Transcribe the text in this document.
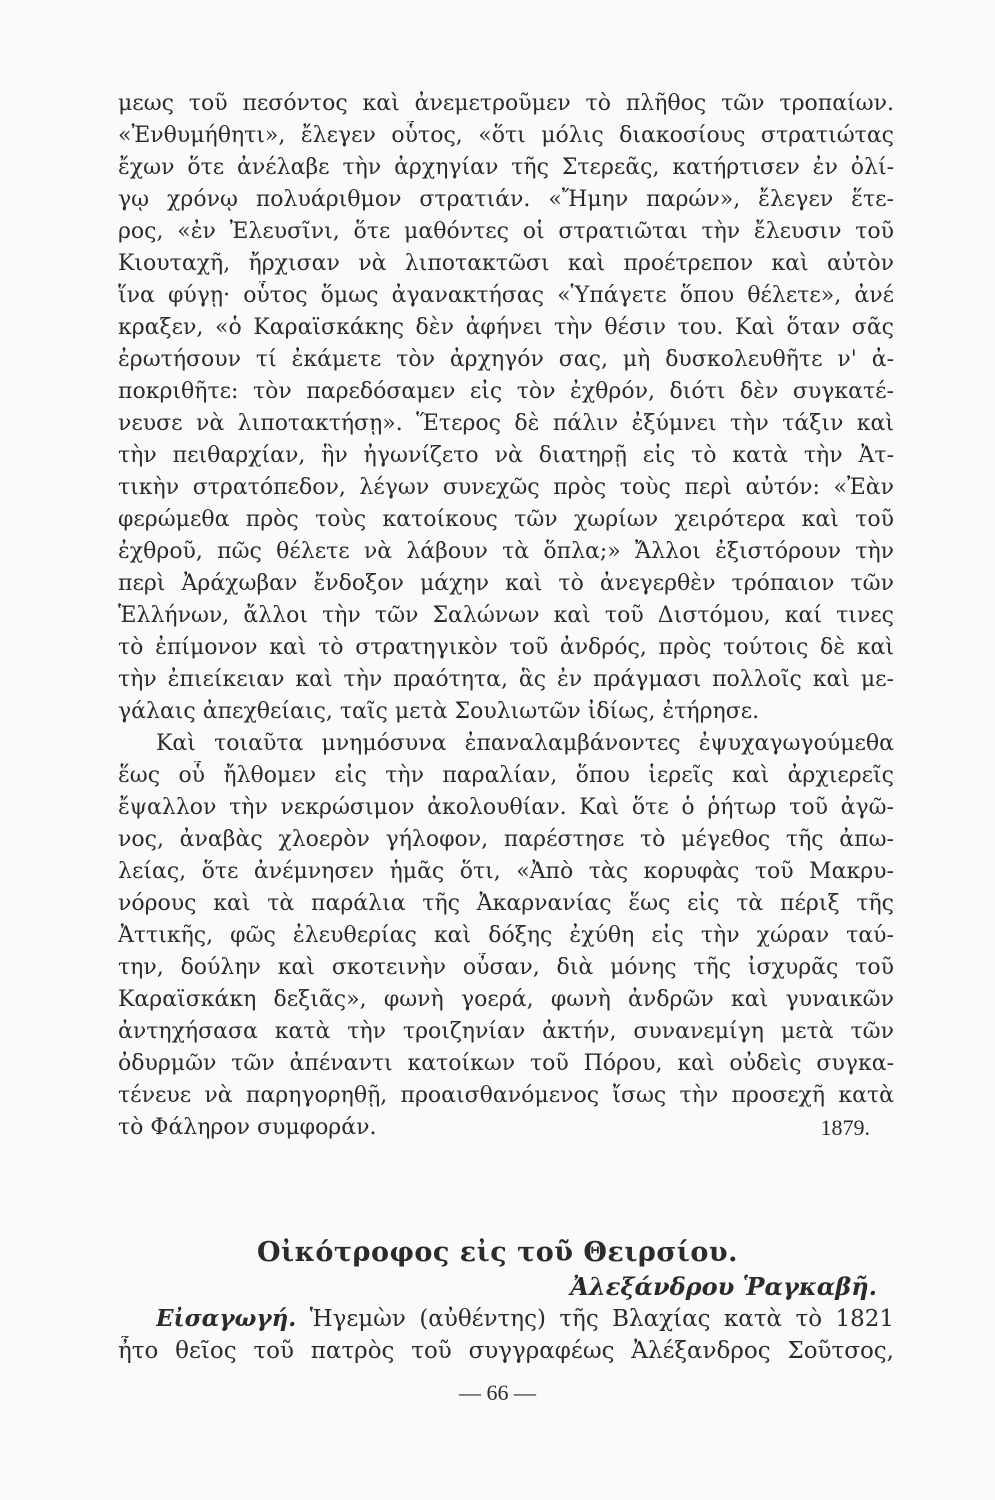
μεως τοῦ πεσόντος καὶ ἀνεμετροῦμεν τὸ πλῆθος τῶν τροπαίων.
«Ἐνθυμήθητι», ἔλεγεν οὗτος, «ὅτι μόλις διακοσίους στρατιώτας
ἔχων ὅτε ἀνέλαβε τὴν ἀρχηγίαν τῆς Στερεᾶς, κατήρτισεν ἐν ὀλί-
γῳ χρόνῳ πολυάριθμον στρατιάν. «Ἤμην παρών», ἔλεγεν ἕτε-
ρος, «ἐν Ἐλευσῖνι, ὅτε μαθόντες οἱ στρατιῶται τὴν ἔλευσιν τοῦ
Κιουταχῆ, ἤρχισαν νὰ λιποτακτῶσι καὶ προέτρεπον καὶ αὐτὸν
ἵνα φύγῃ· οὗτος ὅμως ἀγανακτήσας «Ὑπάγετε ὅπου θέλετε», ἀνέ
κραξεν, «ὁ Καραϊσκάκης δὲν ἀφήνει τὴν θέσιν του. Καὶ ὅταν σᾶς
ἐρωτήσουν τί ἐκάμετε τὸν ἀρχηγόν σας, μὴ δυσκολευθῆτε ν' ἀ-
ποκριθῆτε: τὸν παρεδόσαμεν εἰς τὸν ἐχθρόν, διότι δὲν συγκατέ-
νευσε νὰ λιποτακτήσῃ». Ἕτερος δὲ πάλιν ἐξύμνει τὴν τάξιν καὶ
τὴν πειθαρχίαν, ἣν ἠγωνίζετο νὰ διατηρῇ εἰς τὸ κατὰ τὴν Ἀτ-
τικὴν στρατόπεδον, λέγων συνεχῶς πρὸς τοὺς περὶ αὐτόν: «Ἐὰν
φερώμεθα πρὸς τοὺς κατοίκους τῶν χωρίων χειρότερα καὶ τοῦ
ἐχθροῦ, πῶς θέλετε νὰ λάβουν τὰ ὅπλα;» Ἄλλοι ἐξιστόρουν τὴν
περὶ Ἀράχωβαν ἔνδοξον μάχην καὶ τὸ ἀνεγερθὲν τρόπαιον τῶν
Ἑλλήνων, ἄλλοι τὴν τῶν Σαλώνων καὶ τοῦ Διστόμου, καί τινες
τὸ ἐπίμονον καὶ τὸ στρατηγικὸν τοῦ ἀνδρός, πρὸς τούτοις δὲ καὶ
τὴν ἐπιείκειαν καὶ τὴν πραότητα, ἃς ἐν πράγμασι πολλοῖς καὶ με-
γάλαις ἀπεχθείαις, ταῖς μετὰ Σουλιωτῶν ἰδίως, ἐτήρησε.
Καὶ τοιαῦτα μνημόσυνα ἐπαναλαμβάνοντες ἐψυχαγωγούμεθα
ἕως οὗ ἤλθομεν εἰς τὴν παραλίαν, ὅπου ἱερεῖς καὶ ἀρχιερεῖς
ἔψαλλον τὴν νεκρώσιμον ἀκολουθίαν. Καὶ ὅτε ὁ ῥήτωρ τοῦ ἀγῶ-
νος, ἀναβὰς χλοερὸν γήλοφον, παρέστησε τὸ μέγεθος τῆς ἀπω-
λείας, ὅτε ἀνέμνησεν ἡμᾶς ὅτι, «Ἀπὸ τὰς κορυφὰς τοῦ Μακρυ-
νόρους καὶ τὰ παράλια τῆς Ἀκαρνανίας ἕως εἰς τὰ πέριξ τῆς
Ἀττικῆς, φῶς ἐλευθερίας καὶ δόξης ἐχύθη εἰς τὴν χώραν ταύ-
την, δούλην καὶ σκοτεινὴν οὖσαν, διὰ μόνης τῆς ἰσχυρᾶς τοῦ
Καραϊσκάκη δεξιᾶς», φωνὴ γοερά, φωνὴ ἀνδρῶν καὶ γυναικῶν
ἀντηχήσασα κατὰ τὴν τροιζηνίαν ἀκτήν, συνανεμίγη μετὰ τῶν
ὀδυρμῶν τῶν ἀπέναντι κατοίκων τοῦ Πόρου, καὶ οὐδεὶς συγκα-
τένευε νὰ παρηγορηθῇ, προαισθανόμενος ἴσως τὴν προσεχῆ κατὰ
τὸ Φάληρον συμφοράν.	1879.
Οἰκότροφος εἰς τοῦ Θειρσίου.
Ἀλεξάνδρου Ῥαγκαβῆ.
Εἰσαγωγή. Ἡγεμὼν (αὐθέντης) τῆς Βλαχίας κατὰ τὸ 1821
ἦτο θεῖος τοῦ πατρὸς τοῦ συγγραφέως Ἀλέξανδρος Σοῦτσος,
— 66 —
